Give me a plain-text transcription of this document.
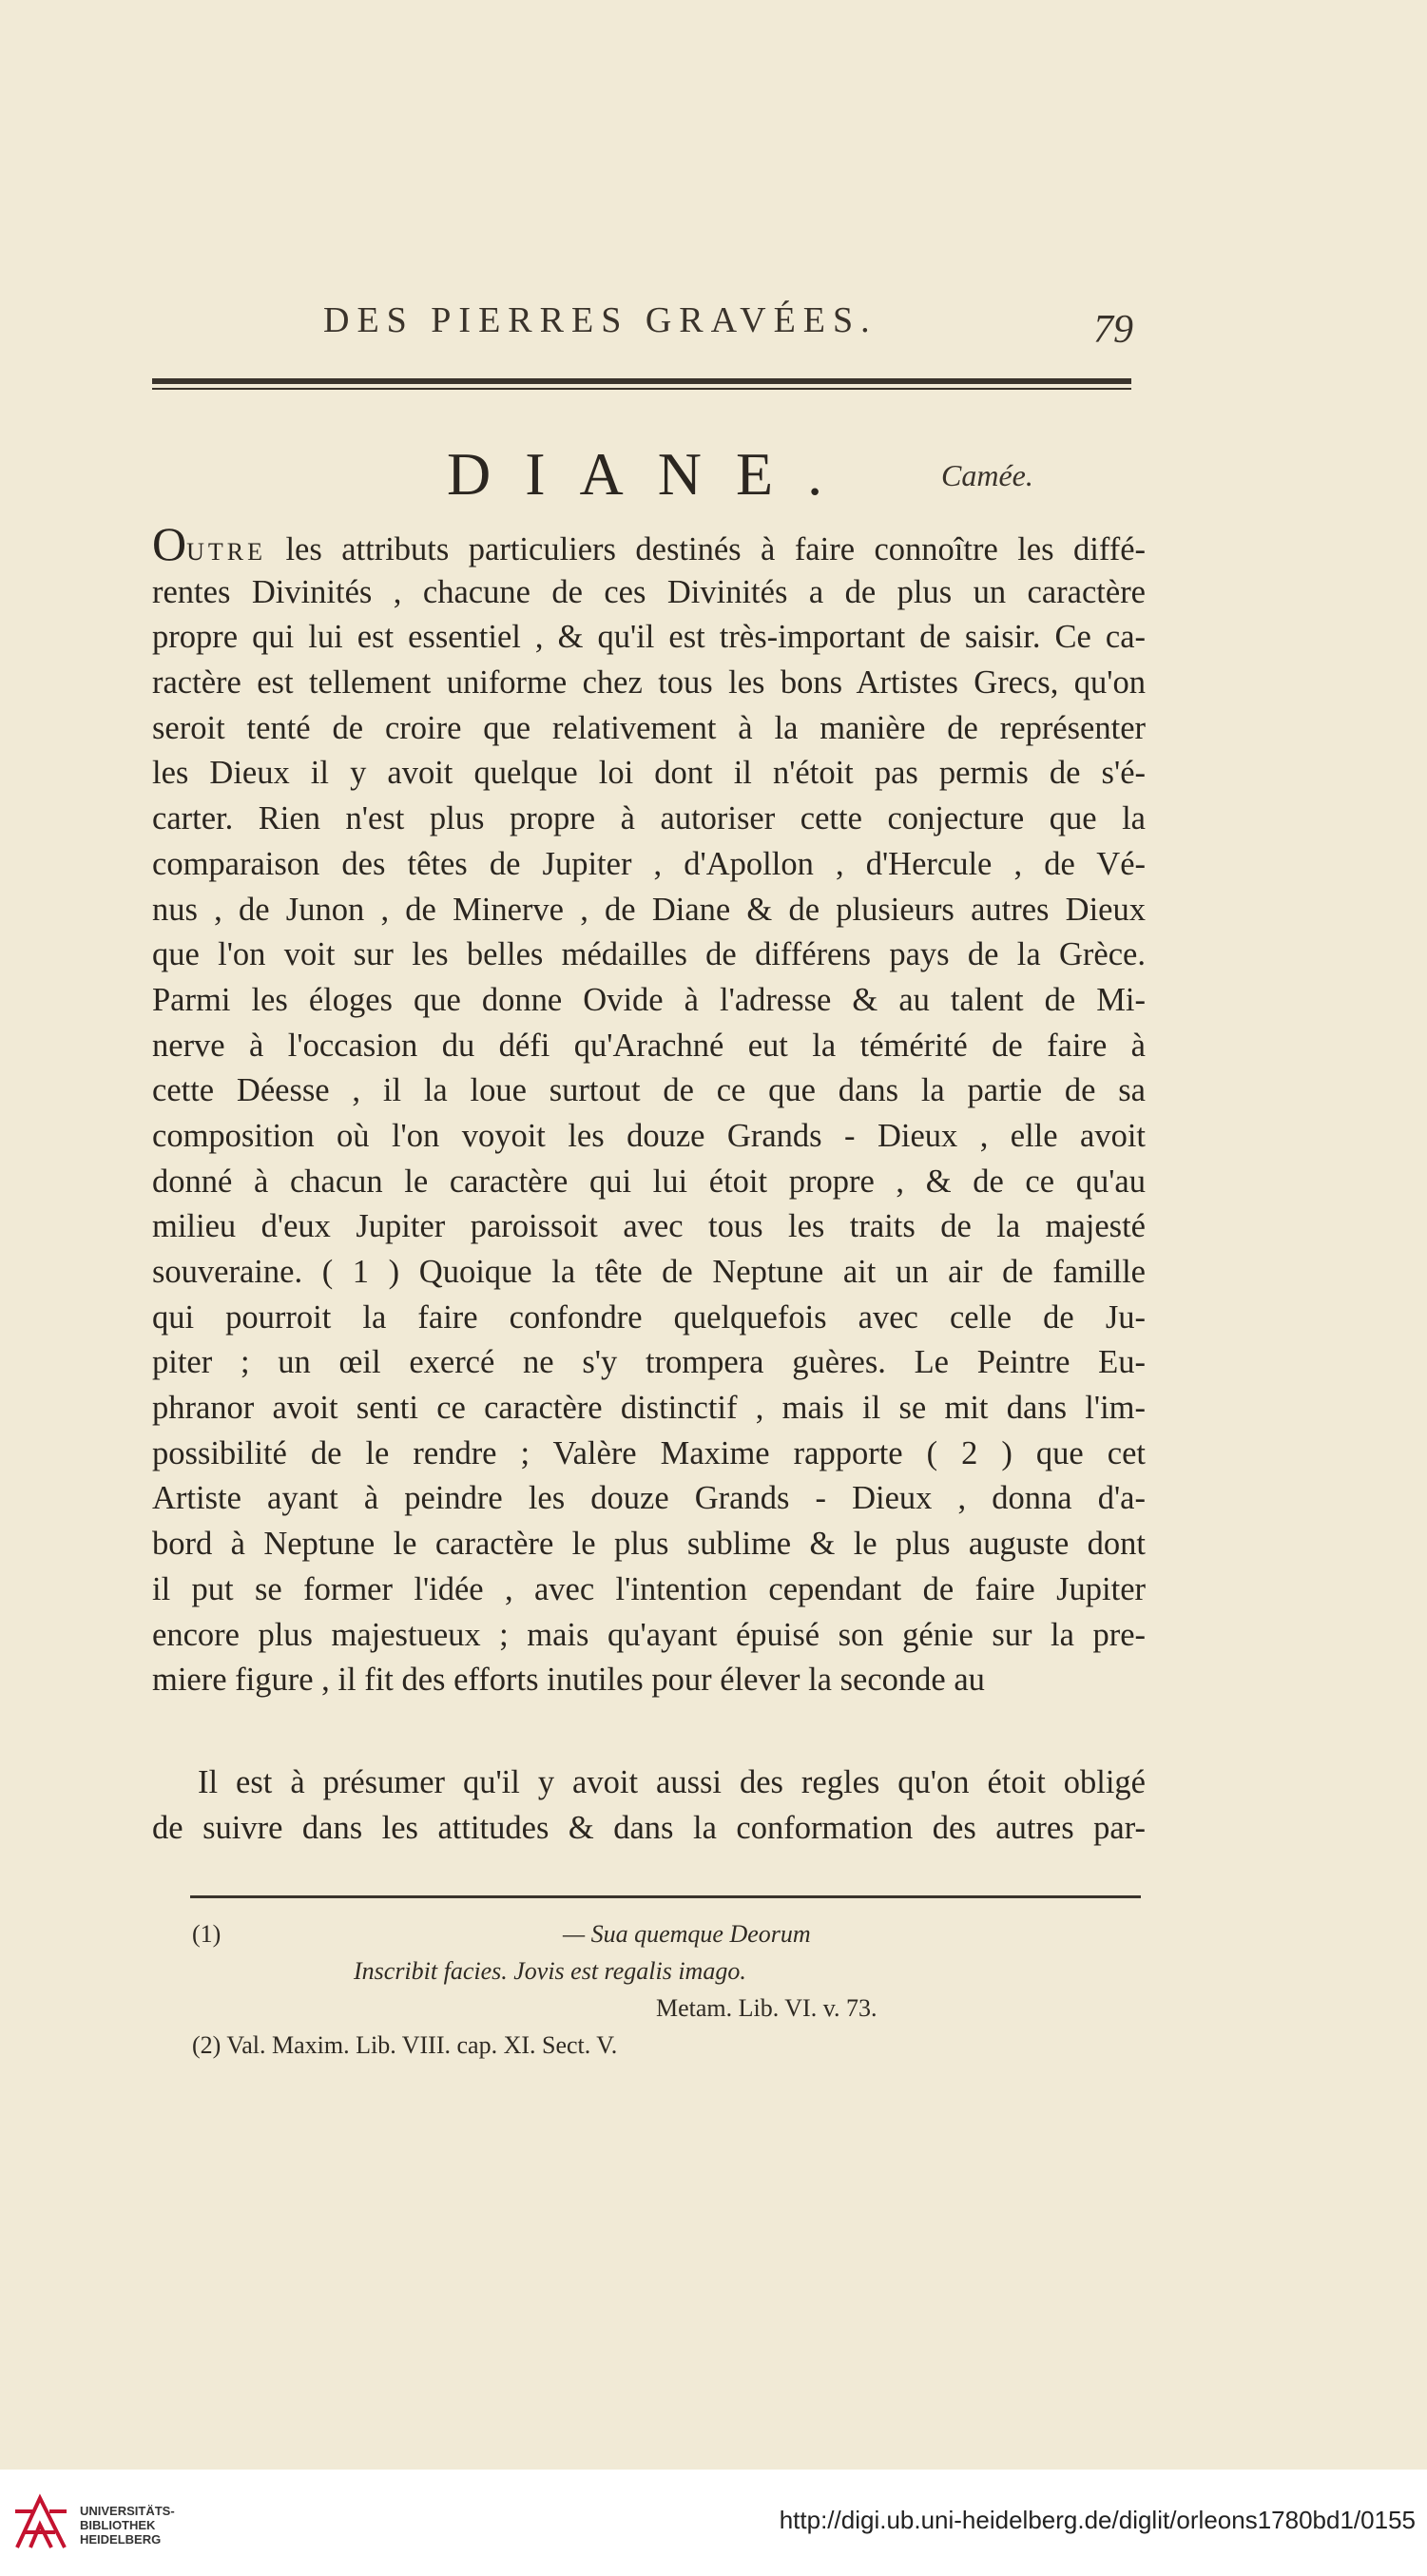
DES PIERRES GRAVÉES.	79
DIANE.	Camée.
OUTRE les attributs particuliers destinés à faire connoître les diffé-
rentes Divinités , chacune de ces Divinités a de plus un caractère
propre qui lui est essentiel , & qu'il est très-important de saisir. Ce ca-
ractère est tellement uniforme chez tous les bons Artistes Grecs, qu'on
seroit tenté de croire que relativement à la manière de représenter
les Dieux il y avoit quelque loi dont il n'étoit pas permis de s'é-
carter. Rien n'est plus propre à autoriser cette conjecture que la
comparaison des têtes de Jupiter , d'Apollon , d'Hercule , de Vé-
nus , de Junon , de Minerve , de Diane & de plusieurs autres Dieux
que l'on voit sur les belles médailles de différens pays de la Grèce.
Parmi les éloges que donne Ovide à l'adresse & au talent de Mi-
nerve à l'occasion du défi qu'Arachné eut la témérité de faire à
cette Déesse , il la loue surtout de ce que dans la partie de sa
composition où l'on voyoit les douze Grands - Dieux , elle avoit
donné à chacun le caractère qui lui étoit propre , & de ce qu'au
milieu d'eux Jupiter paroissoit avec tous les traits de la majesté
souveraine. ( 1 ) Quoique la tête de Neptune ait un air de famille
qui pourroit la faire confondre quelquefois avec celle de Ju-
piter ; un œil exercé ne s'y trompera guères. Le Peintre Eu-
phranor avoit senti ce caractère distinctif , mais il se mit dans l'im-
possibilité de le rendre ; Valère Maxime rapporte ( 2 ) que cet
Artiste ayant à peindre les douze Grands - Dieux , donna d'a-
bord à Neptune le caractère le plus sublime & le plus auguste dont
il put se former l'idée , avec l'intention cependant de faire Jupiter
encore plus majestueux ; mais qu'ayant épuisé son génie sur la pre-
miere figure , il fit des efforts inutiles pour élever la seconde au
Il est à présumer qu'il y avoit aussi des regles qu'on étoit obligé
de suivre dans les attitudes & dans la conformation des autres par-
(1)	— Sua quemque Deorum
Inscribit facies. Jovis est regalis imago.
Metam. Lib. VI. v. 73.
(2) Val. Maxim. Lib. VIII. cap. XI. Sect. V.
UNIVERSITÄTS-
BIBLIOTHEK
HEIDELBERG
http://digi.ub.uni-heidelberg.de/diglit/orleons1780bd1/0155
